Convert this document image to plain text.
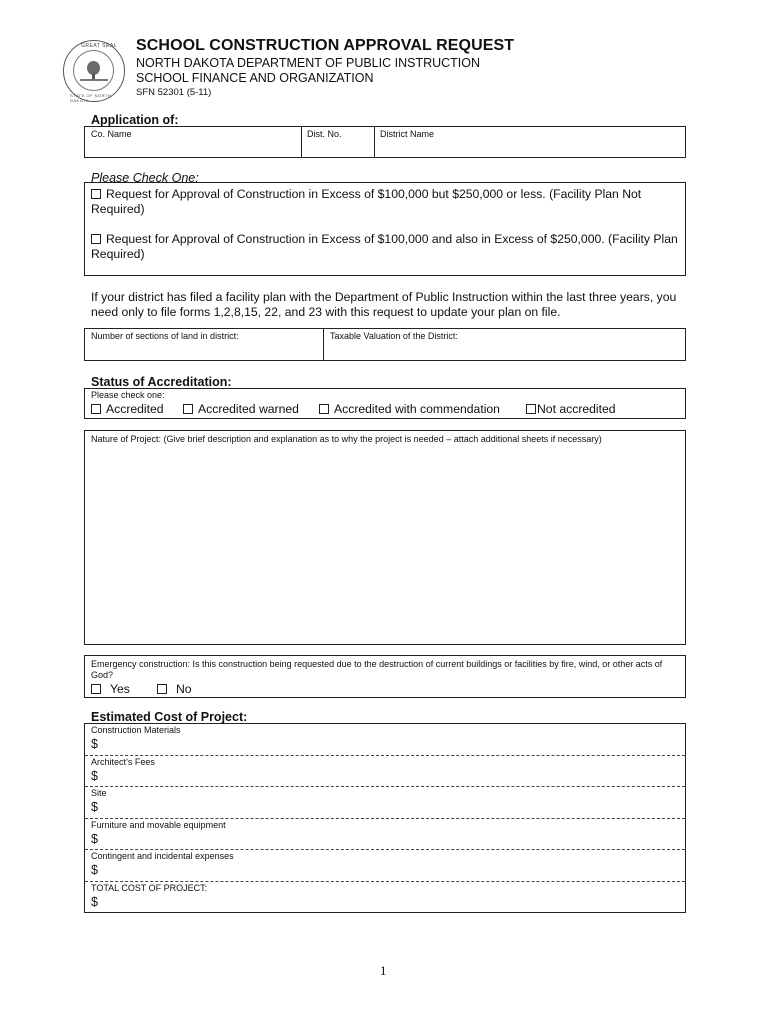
GREAT SEAL
STATE OF NORTH DAKOTA
SCHOOL CONSTRUCTION APPROVAL REQUEST
NORTH DAKOTA DEPARTMENT OF PUBLIC INSTRUCTION
SCHOOL FINANCE AND ORGANIZATION
SFN 52301 (5-11)
Application of:
Co. Name	Dist. No.	District Name
Please Check One:
Request for Approval of Construction in Excess of $100,000 but $250,000 or less. (Facility Plan Not Required)
Request for Approval of Construction in Excess of $100,000 and also in Excess of $250,000. (Facility Plan Required)
If your district has filed a facility plan with the Department of Public Instruction within the last three years, you need only to file forms 1,2,8,15, 22, and 23 with this request to update your plan on file.
Number of sections of land in district:	Taxable Valuation of the District:
Status of Accreditation:
Please check one:
Accredited	Accredited warned	Accredited with commendation	Not accredited
Nature of Project: (Give brief description and explanation as to why the project is needed – attach additional sheets if necessary)
Emergency construction: Is this construction being requested due to the destruction of current buildings or facilities by fire, wind, or other acts of God?
Yes	No
Estimated Cost of Project:
Construction Materials
$
Architect’s Fees
$
Site
$
Furniture and movable equipment
$
Contingent and incidental expenses
$
TOTAL COST OF PROJECT:
$
1
